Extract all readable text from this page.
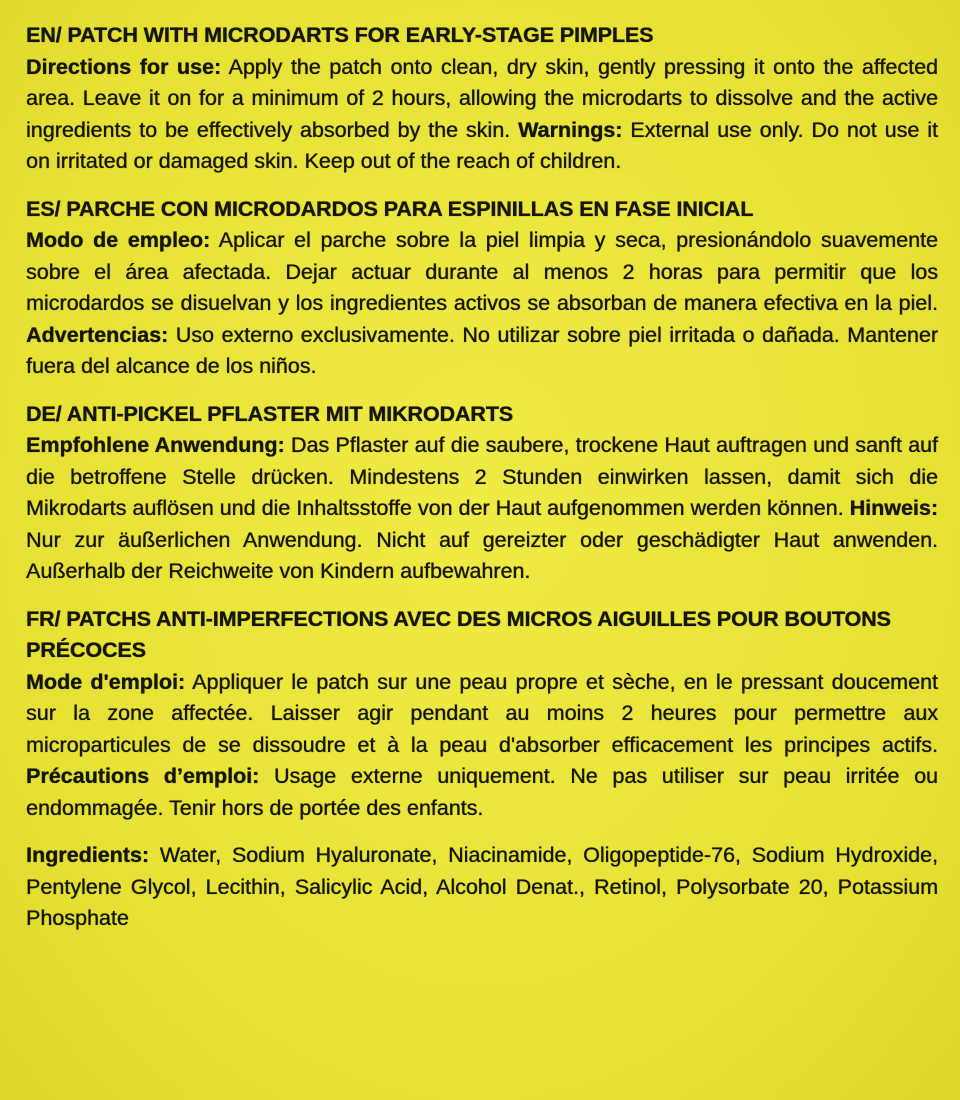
EN/ PATCH WITH MICRODARTS FOR EARLY-STAGE PIMPLES
Directions for use: Apply the patch onto clean, dry skin, gently pressing it onto the affected area. Leave it on for a minimum of 2 hours, allowing the microdarts to dissolve and the active ingredients to be effectively absorbed by the skin. Warnings: External use only. Do not use it on irritated or damaged skin. Keep out of the reach of children.
ES/ PARCHE CON MICRODARDOS PARA ESPINILLAS EN FASE INICIAL
Modo de empleo: Aplicar el parche sobre la piel limpia y seca, presionándolo suavemente sobre el área afectada. Dejar actuar durante al menos 2 horas para permitir que los microdardos se disuelvan y los ingredientes activos se absorban de manera efectiva en la piel. Advertencias: Uso externo exclusivamente. No utilizar sobre piel irritada o dañada. Mantener fuera del alcance de los niños.
DE/ ANTI-PICKEL PFLASTER MIT MIKRODARTS
Empfohlene Anwendung: Das Pflaster auf die saubere, trockene Haut auftragen und sanft auf die betroffene Stelle drücken. Mindestens 2 Stunden einwirken lassen, damit sich die Mikrodarts auflösen und die Inhaltsstoffe von der Haut aufgenommen werden können. Hinweis: Nur zur äußerlichen Anwendung. Nicht auf gereizter oder geschädigter Haut anwenden. Außerhalb der Reichweite von Kindern aufbewahren.
FR/ PATCHS ANTI-IMPERFECTIONS AVEC DES MICROS AIGUILLES POUR BOUTONS PRÉCOCES
Mode d'emploi: Appliquer le patch sur une peau propre et sèche, en le pressant doucement sur la zone affectée. Laisser agir pendant au moins 2 heures pour permettre aux microparticules de se dissoudre et à la peau d'absorber efficacement les principes actifs. Précautions d’emploi: Usage externe uniquement. Ne pas utiliser sur peau irritée ou endommagée. Tenir hors de portée des enfants.
Ingredients: Water, Sodium Hyaluronate, Niacinamide, Oligopeptide-76, Sodium Hydroxide, Pentylene Glycol, Lecithin, Salicylic Acid, Alcohol Denat., Retinol, Polysorbate 20, Potassium Phosphate
